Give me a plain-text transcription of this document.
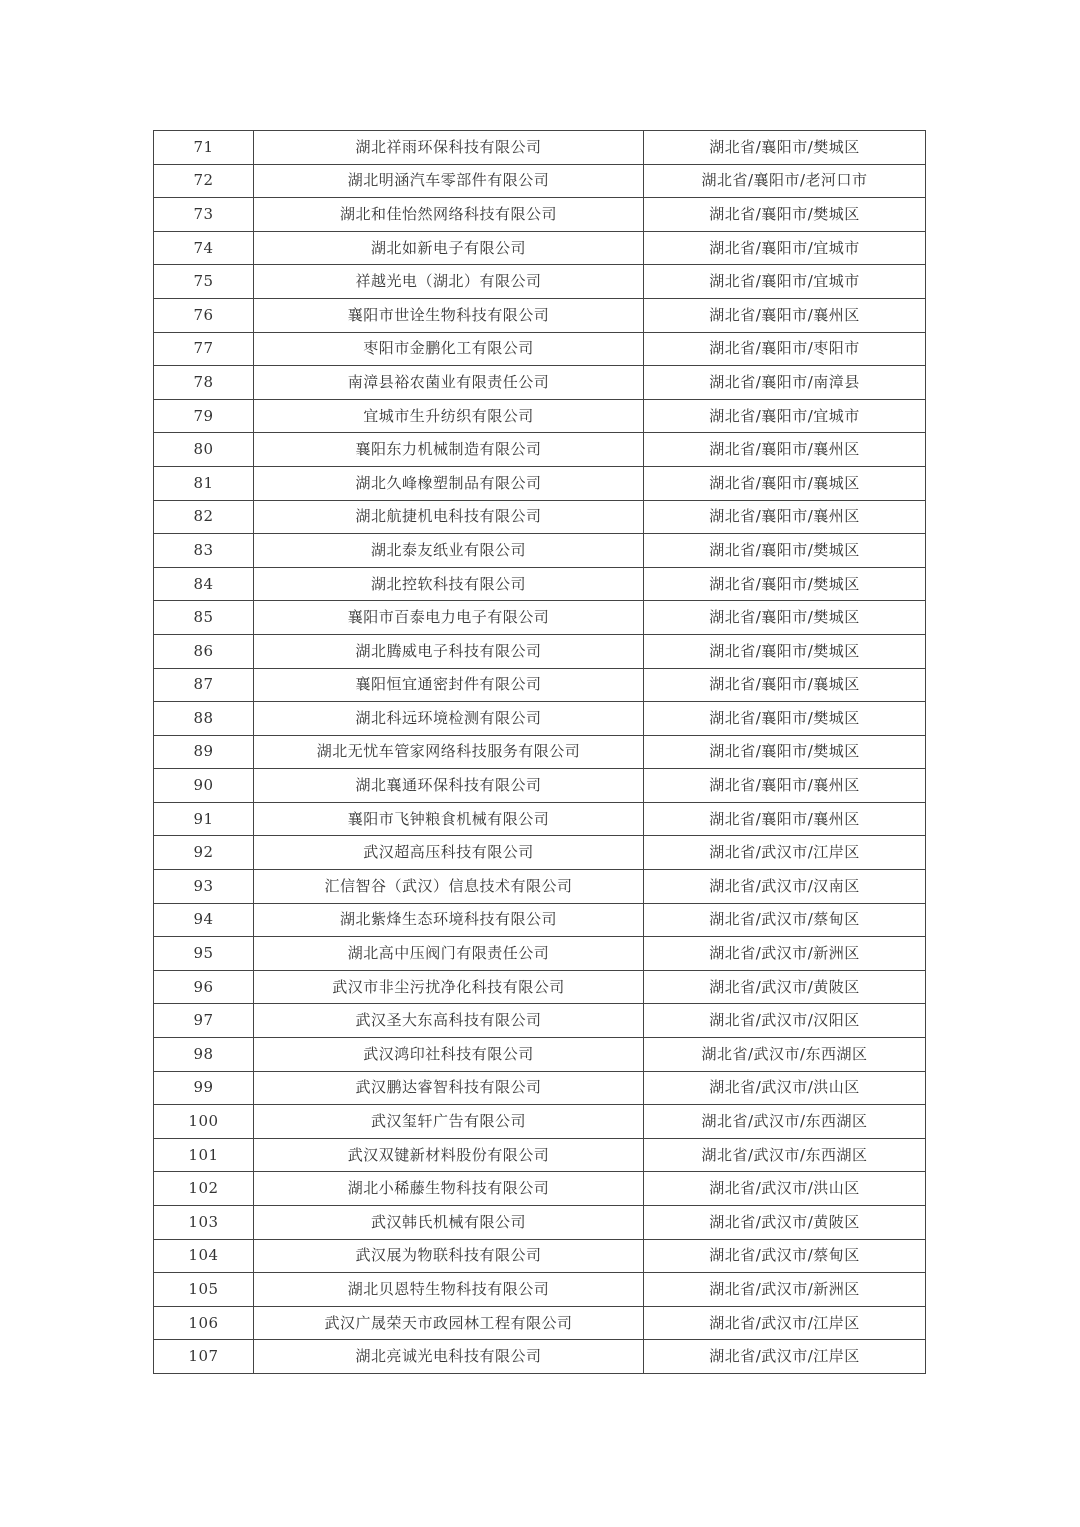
71	湖北祥雨环保科技有限公司	湖北省/襄阳市/樊城区
72	湖北明涵汽车零部件有限公司	湖北省/襄阳市/老河口市
73	湖北和佳怡然网络科技有限公司	湖北省/襄阳市/樊城区
74	湖北如新电子有限公司	湖北省/襄阳市/宜城市
75	祥越光电（湖北）有限公司	湖北省/襄阳市/宜城市
76	襄阳市世诠生物科技有限公司	湖北省/襄阳市/襄州区
77	枣阳市金鹏化工有限公司	湖北省/襄阳市/枣阳市
78	南漳县裕农菌业有限责任公司	湖北省/襄阳市/南漳县
79	宜城市生升纺织有限公司	湖北省/襄阳市/宜城市
80	襄阳东力机械制造有限公司	湖北省/襄阳市/襄州区
81	湖北久峰橡塑制品有限公司	湖北省/襄阳市/襄城区
82	湖北航捷机电科技有限公司	湖北省/襄阳市/襄州区
83	湖北泰友纸业有限公司	湖北省/襄阳市/樊城区
84	湖北控软科技有限公司	湖北省/襄阳市/樊城区
85	襄阳市百泰电力电子有限公司	湖北省/襄阳市/樊城区
86	湖北腾威电子科技有限公司	湖北省/襄阳市/樊城区
87	襄阳恒宜通密封件有限公司	湖北省/襄阳市/襄城区
88	湖北科远环境检测有限公司	湖北省/襄阳市/樊城区
89	湖北无忧车管家网络科技服务有限公司	湖北省/襄阳市/樊城区
90	湖北襄通环保科技有限公司	湖北省/襄阳市/襄州区
91	襄阳市飞钟粮食机械有限公司	湖北省/襄阳市/襄州区
92	武汉超高压科技有限公司	湖北省/武汉市/江岸区
93	汇信智谷（武汉）信息技术有限公司	湖北省/武汉市/汉南区
94	湖北紫烽生态环境科技有限公司	湖北省/武汉市/蔡甸区
95	湖北高中压阀门有限责任公司	湖北省/武汉市/新洲区
96	武汉市非尘污扰净化科技有限公司	湖北省/武汉市/黄陂区
97	武汉圣大东高科技有限公司	湖北省/武汉市/汉阳区
98	武汉鸿印社科技有限公司	湖北省/武汉市/东西湖区
99	武汉鹏达睿智科技有限公司	湖北省/武汉市/洪山区
100	武汉玺轩广告有限公司	湖北省/武汉市/东西湖区
101	武汉双键新材料股份有限公司	湖北省/武汉市/东西湖区
102	湖北小稀藤生物科技有限公司	湖北省/武汉市/洪山区
103	武汉韩氏机械有限公司	湖北省/武汉市/黄陂区
104	武汉展为物联科技有限公司	湖北省/武汉市/蔡甸区
105	湖北贝恩特生物科技有限公司	湖北省/武汉市/新洲区
106	武汉广晟荣天市政园林工程有限公司	湖北省/武汉市/江岸区
107	湖北亮诚光电科技有限公司	湖北省/武汉市/江岸区
